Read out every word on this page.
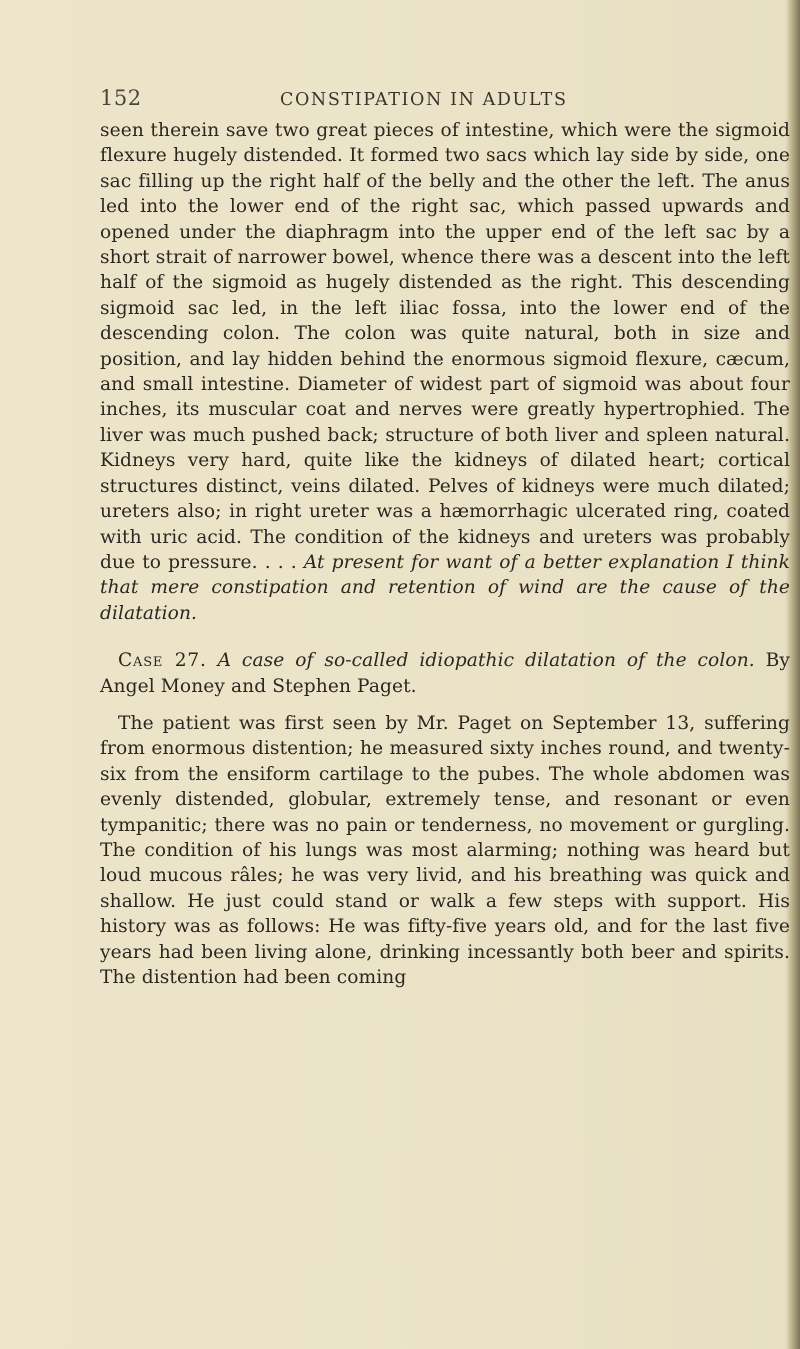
152	CONSTIPATION IN ADULTS

seen therein save two great pieces of intestine, which were the sigmoid flexure hugely distended. It formed two sacs which lay side by side, one sac filling up the right half of the belly and the other the left. The anus led into the lower end of the right sac, which passed upwards and opened under the diaphragm into the upper end of the left sac by a short strait of narrower bowel, whence there was a descent into the left half of the sigmoid as hugely distended as the right. This descending sigmoid sac led, in the left iliac fossa, into the lower end of the descending colon. The colon was quite natural, both in size and position, and lay hidden behind the enormous sigmoid flexure, cæcum, and small intestine. Diameter of widest part of sigmoid was about four inches, its muscular coat and nerves were greatly hypertrophied. The liver was much pushed back; structure of both liver and spleen natural. Kidneys very hard, quite like the kidneys of dilated heart; cortical structures distinct, veins dilated. Pelves of kidneys were much dilated; ureters also; in right ureter was a hæmorrhagic ulcerated ring, coated with uric acid. The condition of the kidneys and ureters was probably due to pressure. . . . At present for want of a better explanation I think that mere constipation and retention of wind are the cause of the dilatation.

Case 27. A case of so-called idiopathic dilatation of the colon. By Angel Money and Stephen Paget.

The patient was first seen by Mr. Paget on September 13, suffering from enormous distention; he measured sixty inches round, and twenty-six from the ensiform cartilage to the pubes. The whole abdomen was evenly distended, globular, extremely tense, and resonant or even tympanitic; there was no pain or tenderness, no movement or gurgling. The condition of his lungs was most alarming; nothing was heard but loud mucous râles; he was very livid, and his breathing was quick and shallow. He just could stand or walk a few steps with support. His history was as follows: He was fifty-five years old, and for the last five years had been living alone, drinking incessantly both beer and spirits. The distention had been coming
